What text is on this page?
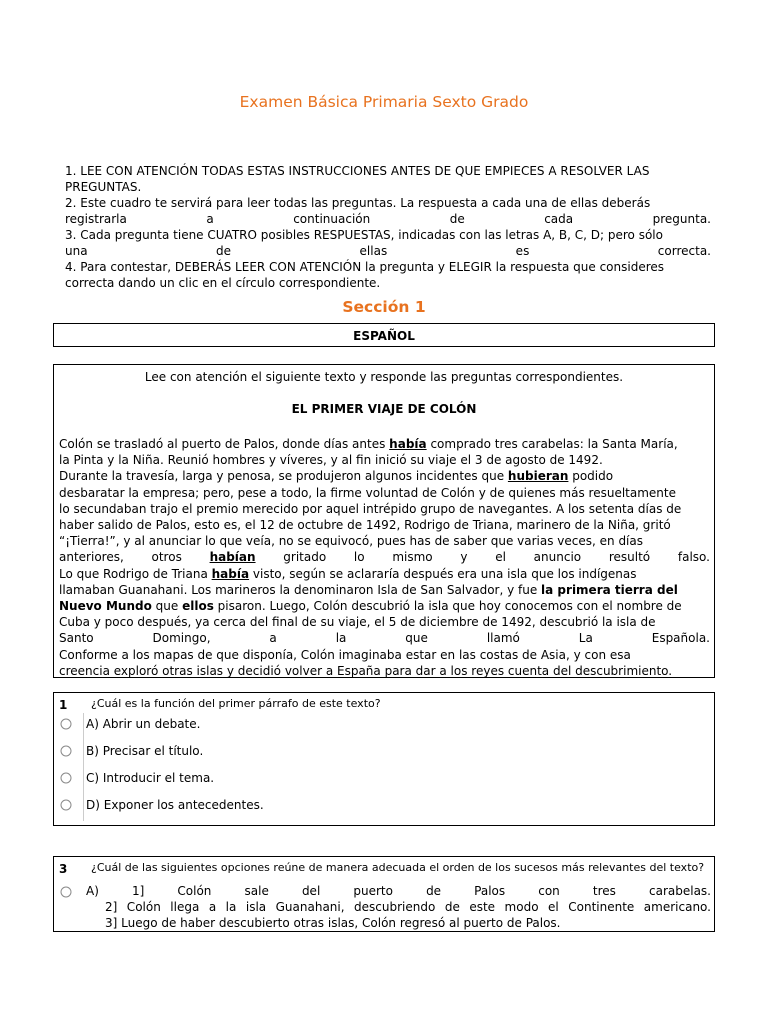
Examen Básica Primaria Sexto Grado
1. LEE CON ATENCIÓN TODAS ESTAS INSTRUCCIONES ANTES DE QUE EMPIECES A RESOLVER LAS
PREGUNTAS.
2. Este cuadro te servirá para leer todas las preguntas. La respuesta a cada una de ellas deberás
registrarla a continuación de cada pregunta.
3. Cada pregunta tiene CUATRO posibles RESPUESTAS, indicadas con las letras A, B, C, D; pero sólo
una de ellas es correcta.
4. Para contestar, DEBERÁS LEER CON ATENCIÓN la pregunta y ELEGIR la respuesta que consideres
correcta dando un clic en el círculo correspondiente.
Sección 1
ESPAÑOL
Lee con atención el siguiente texto y responde las preguntas correspondientes.
EL PRIMER VIAJE DE COLÓN
Colón se trasladó al puerto de Palos, donde días antes había comprado tres carabelas: la Santa María,
la Pinta y la Niña. Reunió hombres y víveres, y al fin inició su viaje el 3 de agosto de 1492.
Durante la travesía, larga y penosa, se produjeron algunos incidentes que hubieran podido
desbaratar la empresa; pero, pese a todo, la firme voluntad de Colón y de quienes más resueltamente
lo secundaban trajo el premio merecido por aquel intrépido grupo de navegantes. A los setenta días de
haber salido de Palos, esto es, el 12 de octubre de 1492, Rodrigo de Triana, marinero de la Niña, gritó
“¡Tierra!”, y al anunciar lo que veía, no se equivocó, pues has de saber que varias veces, en días
anteriores, otros habían gritado lo mismo y el anuncio resultó falso.
Lo que Rodrigo de Triana había visto, según se aclararía después era una isla que los indígenas
llamaban Guanahani. Los marineros la denominaron Isla de San Salvador, y fue la primera tierra del
Nuevo Mundo que ellos pisaron. Luego, Colón descubrió la isla que hoy conocemos con el nombre de
Cuba y poco después, ya cerca del final de su viaje, el 5 de diciembre de 1492, descubrió la isla de
Santo Domingo, a la que llamó La Española.
Conforme a los mapas de que disponía, Colón imaginaba estar en las costas de Asia, y con esa
creencia exploró otras islas y decidió volver a España para dar a los reyes cuenta del descubrimiento.
1 ¿Cuál es la función del primer párrafo de este texto?
A) Abrir un debate.
B) Precisar el título.
C) Introducir el tema.
D) Exponer los antecedentes.
3 ¿Cuál de las siguientes opciones reúne de manera adecuada el orden de los sucesos más relevantes del texto?
A) 1] Colón sale del puerto de Palos con tres carabelas.
2] Colón llega a la isla Guanahani, descubriendo de este modo el Continente americano.
3] Luego de haber descubierto otras islas, Colón regresó al puerto de Palos.
